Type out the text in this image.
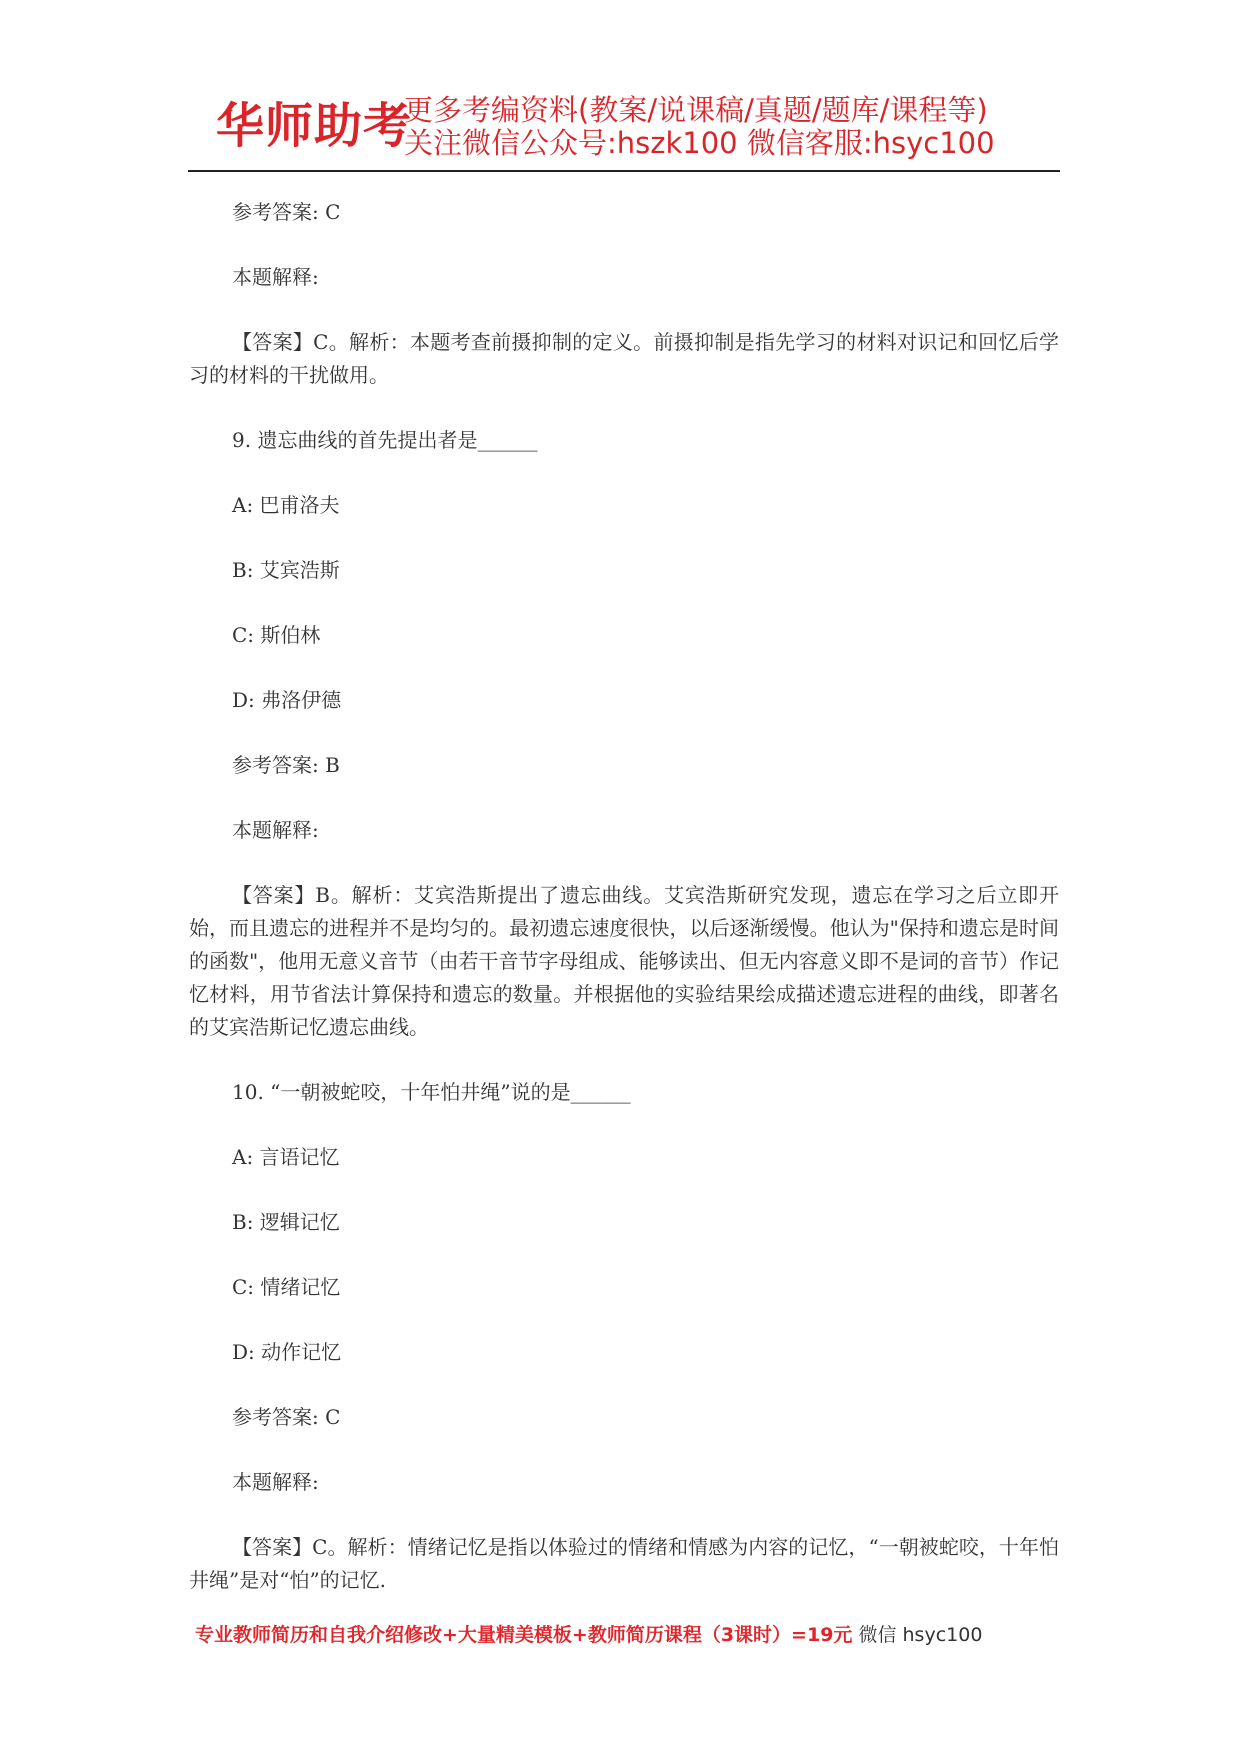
华师助考
更多考编资料(教案/说课稿/真题/题库/课程等)
关注微信公众号:hszk100 微信客服:hsyc100

参考答案: C

本题解释:

【答案】C。解析：本题考查前摄抑制的定义。前摄抑制是指先学习的材料对识记和回忆后学习的材料的干扰做用。

9. 遗忘曲线的首先提出者是______

A: 巴甫洛夫

B: 艾宾浩斯

C: 斯伯林

D: 弗洛伊德

参考答案: B

本题解释:

【答案】B。解析：艾宾浩斯提出了遗忘曲线。艾宾浩斯研究发现，遗忘在学习之后立即开始，而且遗忘的进程并不是均匀的。最初遗忘速度很快，以后逐渐缓慢。他认为"保持和遗忘是时间的函数"，他用无意义音节（由若干音节字母组成、能够读出、但无内容意义即不是词的音节）作记忆材料，用节省法计算保持和遗忘的数量。并根据他的实验结果绘成描述遗忘进程的曲线，即著名的艾宾浩斯记忆遗忘曲线。

10. “一朝被蛇咬，十年怕井绳”说的是______

A: 言语记忆

B: 逻辑记忆

C: 情绪记忆

D: 动作记忆

参考答案: C

本题解释:

【答案】C。解析：情绪记忆是指以体验过的情绪和情感为内容的记忆，“一朝被蛇咬，十年怕井绳”是对“怕”的记忆.

专业教师简历和自我介绍修改+大量精美模板+教师简历课程（3课时）=19元 微信 hsyc100
